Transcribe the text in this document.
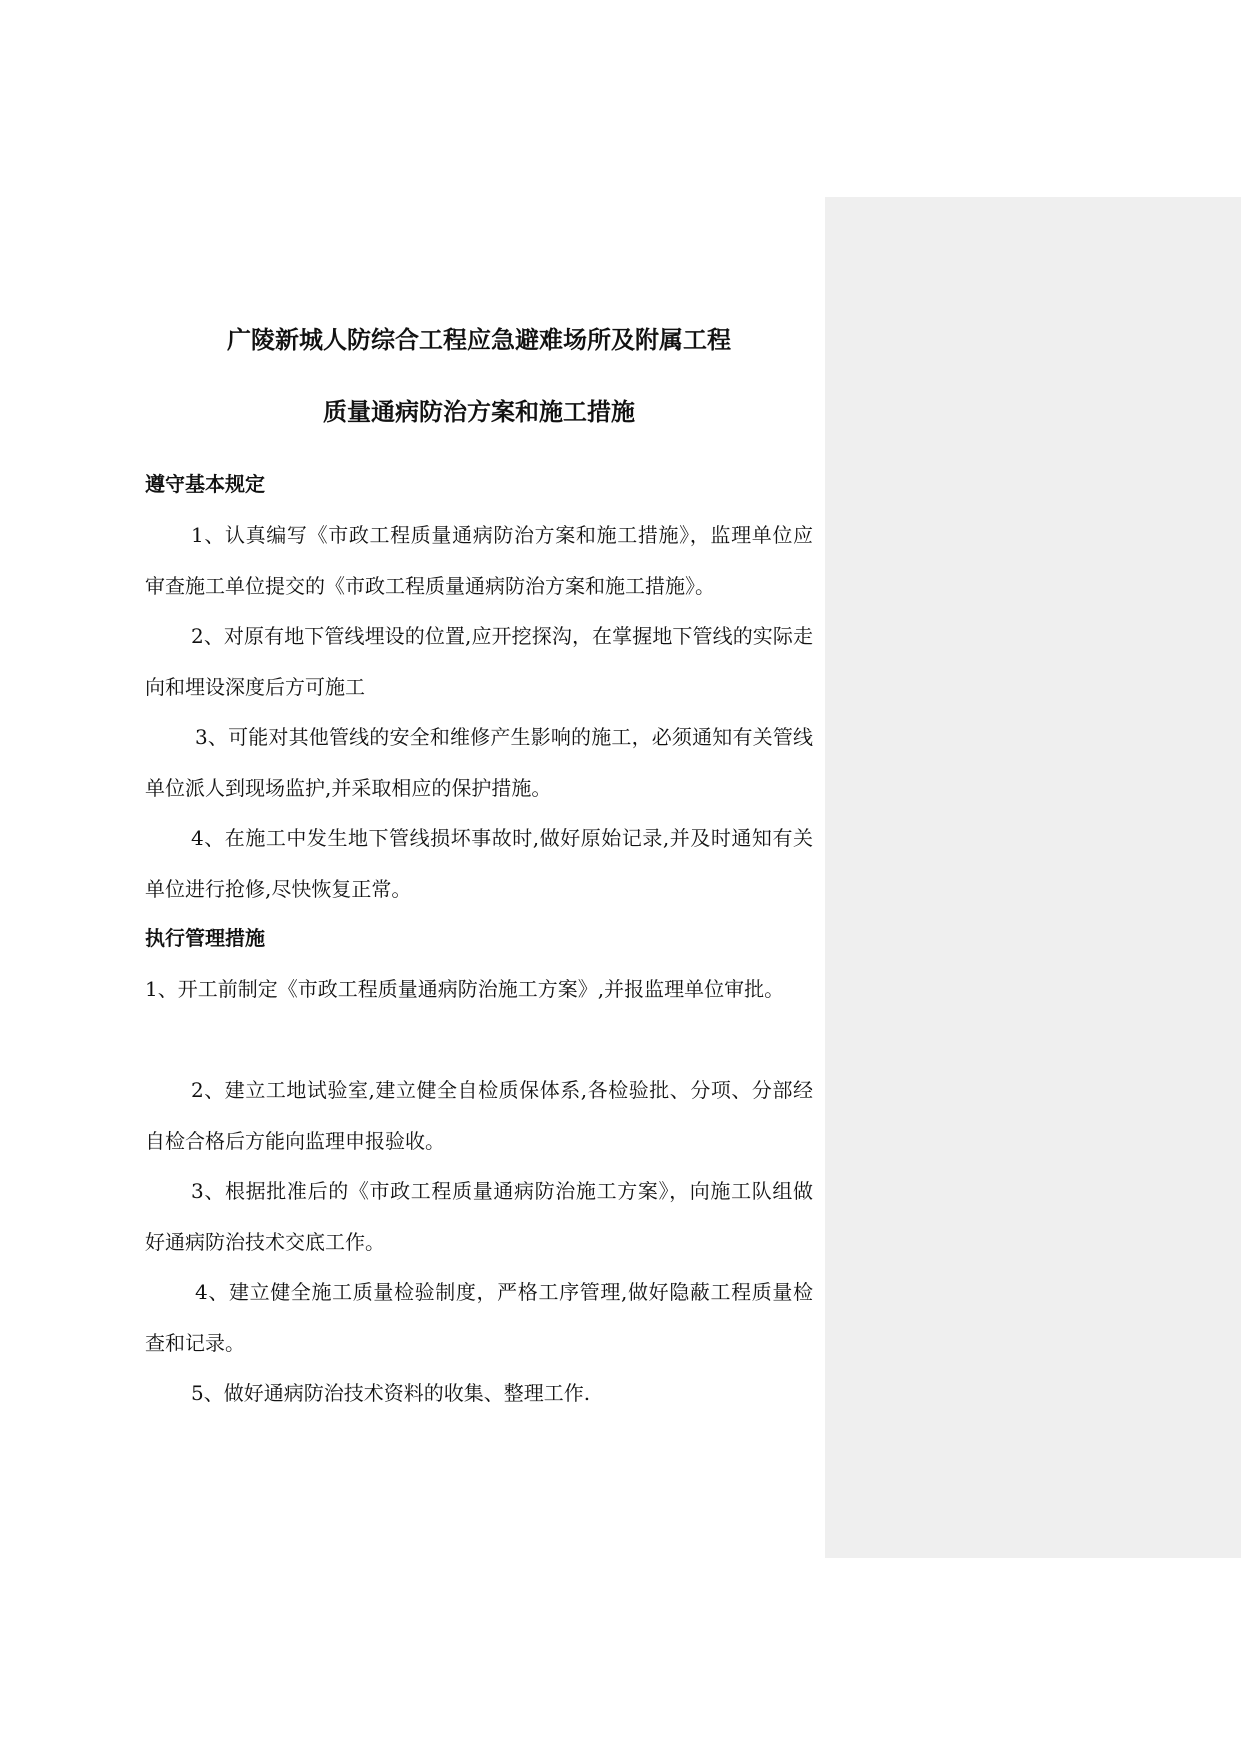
广陵新城人防综合工程应急避难场所及附属工程
质量通病防治方案和施工措施
遵守基本规定

1、认真编写《市政工程质量通病防治方案和施工措施》，监理单位应审查施工单位提交的《市政工程质量通病防治方案和施工措施》。

2、对原有地下管线埋设的位置,应开挖探沟，在掌握地下管线的实际走向和埋设深度后方可施工

3、可能对其他管线的安全和维修产生影响的施工，必须通知有关管线单位派人到现场监护,并采取相应的保护措施。

4、在施工中发生地下管线损坏事故时,做好原始记录,并及时通知有关单位进行抢修,尽快恢复正常。

执行管理措施

1、开工前制定《市政工程质量通病防治施工方案》,并报监理单位审批。

2、建立工地试验室,建立健全自检质保体系,各检验批、分项、分部经自检合格后方能向监理申报验收。

3、根据批准后的《市政工程质量通病防治施工方案》，向施工队组做好通病防治技术交底工作。

4、建立健全施工质量检验制度，严格工序管理,做好隐蔽工程质量检查和记录。

5、做好通病防治技术资料的收集、整理工作.
